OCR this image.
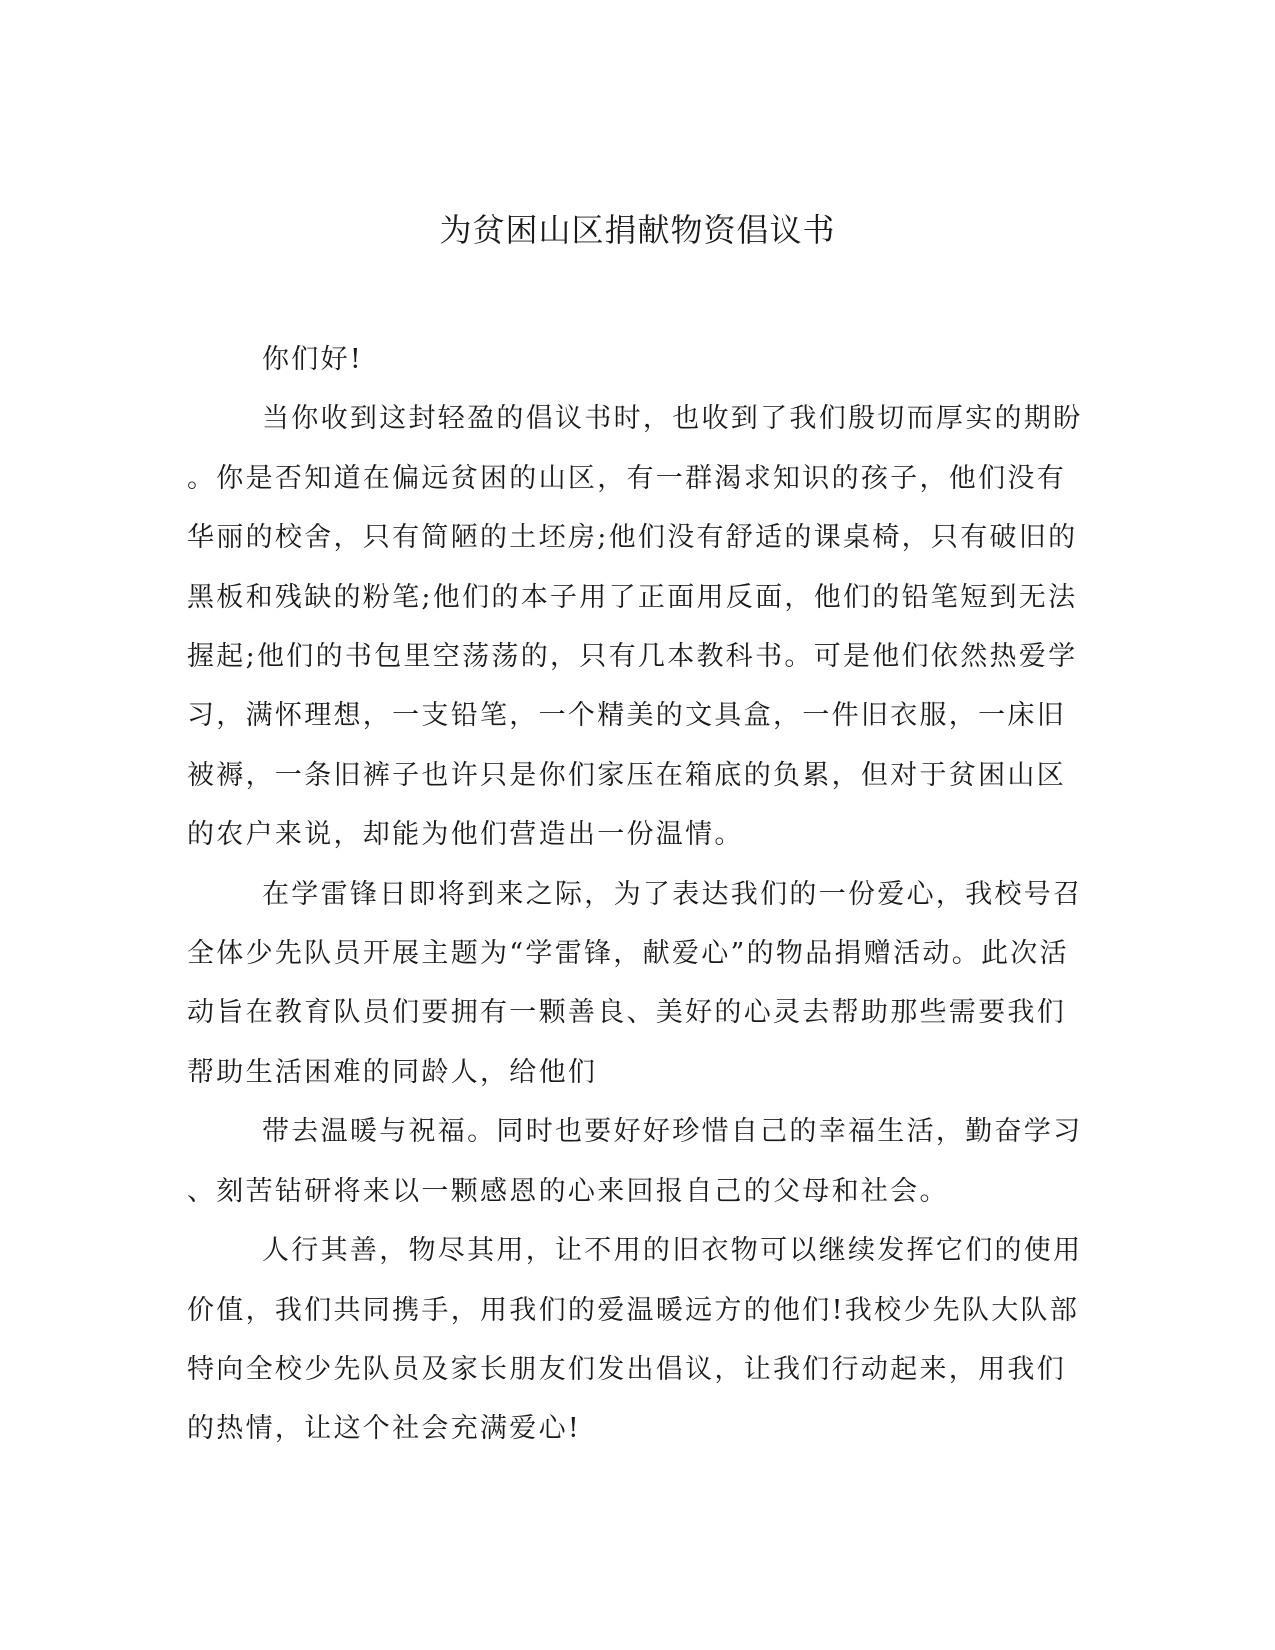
为贫困山区捐献物资倡议书

你们好!

当你收到这封轻盈的倡议书时，也收到了我们殷切而厚实的期盼
。你是否知道在偏远贫困的山区，有一群渴求知识的孩子，他们没有
华丽的校舍，只有简陋的土坯房;他们没有舒适的课桌椅，只有破旧的
黑板和残缺的粉笔;他们的本子用了正面用反面，他们的铅笔短到无法
握起;他们的书包里空荡荡的，只有几本教科书。可是他们依然热爱学
习，满怀理想，一支铅笔，一个精美的文具盒，一件旧衣服，一床旧
被褥，一条旧裤子也许只是你们家压在箱底的负累，但对于贫困山区
的农户来说，却能为他们营造出一份温情。

在学雷锋日即将到来之际，为了表达我们的一份爱心，我校号召
全体少先队员开展主题为“学雷锋，献爱心”的物品捐赠活动。此次活
动旨在教育队员们要拥有一颗善良、美好的心灵去帮助那些需要我们
帮助生活困难的同龄人，给他们

带去温暖与祝福。同时也要好好珍惜自己的幸福生活，勤奋学习
、刻苦钻研将来以一颗感恩的心来回报自己的父母和社会。

人行其善，物尽其用，让不用的旧衣物可以继续发挥它们的使用
价值，我们共同携手，用我们的爱温暖远方的他们!我校少先队大队部
特向全校少先队员及家长朋友们发出倡议，让我们行动起来，用我们
的热情，让这个社会充满爱心!
